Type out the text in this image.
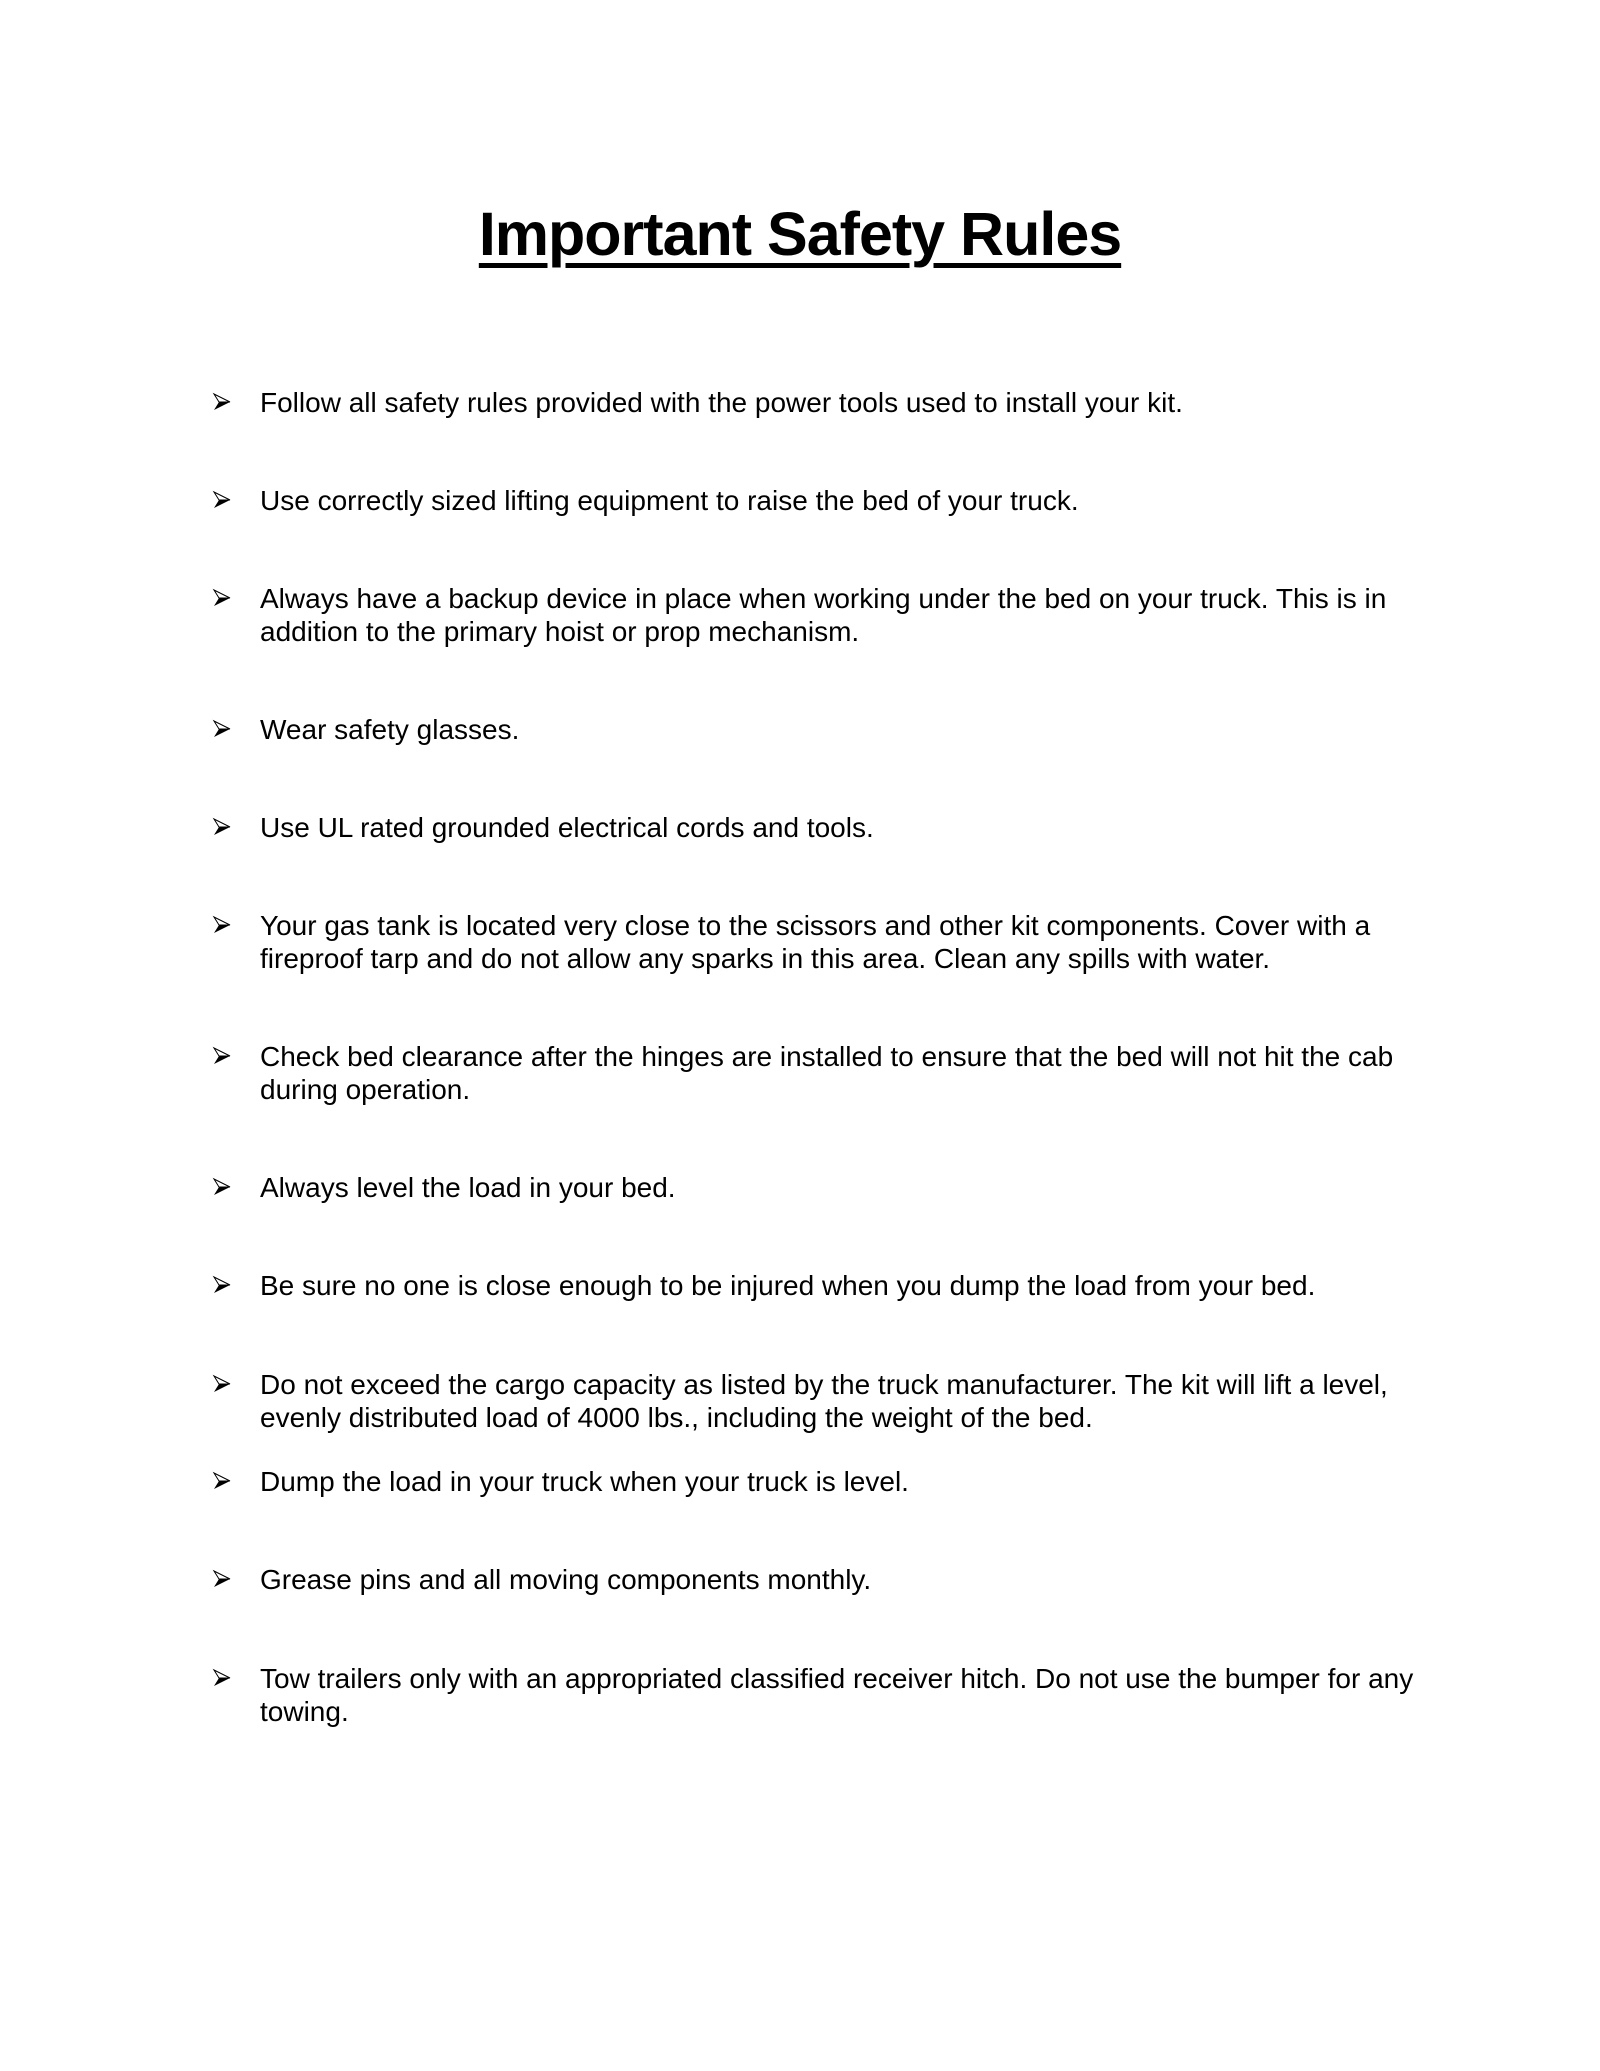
Important Safety Rules
Follow all safety rules provided with the power tools used to install your kit.
Use correctly sized lifting equipment to raise the bed of your truck.
Always have a backup device in place when working under the bed on your truck. This is in addition to the primary hoist or prop mechanism.
Wear safety glasses.
Use UL rated grounded electrical cords and tools.
Your gas tank is located very close to the scissors and other kit components. Cover with a fireproof tarp and do not allow any sparks in this area. Clean any spills with water.
Check bed clearance after the hinges are installed to ensure that the bed will not hit the cab during operation.
Always level the load in your bed.
Be sure no one is close enough to be injured when you dump the load from your bed.
Do not exceed the cargo capacity as listed by the truck manufacturer. The kit will lift a level, evenly distributed load of 4000 lbs., including the weight of the bed.
Dump the load in your truck when your truck is level.
Grease pins and all moving components monthly.
Tow trailers only with an appropriated classified receiver hitch. Do not use the bumper for any towing.
